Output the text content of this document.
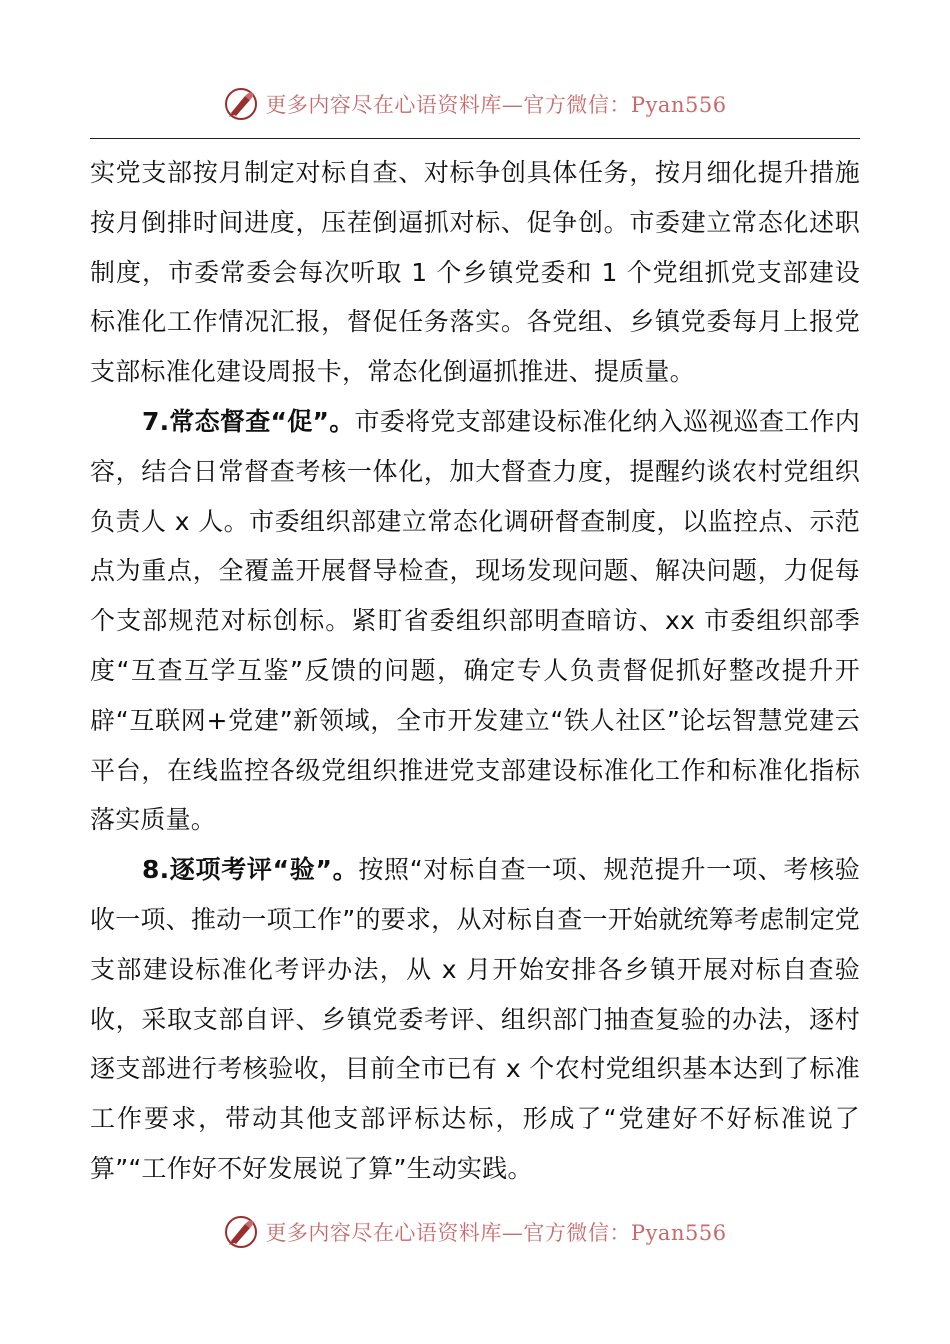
更多内容尽在心语资料库—官方微信：Pyan556

实党支部按月制定对标自查、对标争创具体任务，按月细化提升措施按月倒排时间进度，压茬倒逼抓对标、促争创。市委建立常态化述职制度，市委常委会每次听取 1 个乡镇党委和 1 个党组抓党支部建设标准化工作情况汇报，督促任务落实。各党组、乡镇党委每月上报党支部标准化建设周报卡，常态化倒逼抓推进、提质量。

7.常态督查“促”。市委将党支部建设标准化纳入巡视巡查工作内容，结合日常督查考核一体化，加大督查力度，提醒约谈农村党组织负责人 x 人。市委组织部建立常态化调研督查制度，以监控点、示范点为重点，全覆盖开展督导检查，现场发现问题、解决问题，力促每个支部规范对标创标。紧盯省委组织部明查暗访、xx 市委组织部季度“互查互学互鉴”反馈的问题，确定专人负责督促抓好整改提升开辟“互联网+党建”新领域，全市开发建立“铁人社区”论坛智慧党建云平台，在线监控各级党组织推进党支部建设标准化工作和标准化指标落实质量。

8.逐项考评“验”。按照“对标自查一项、规范提升一项、考核验收一项、推动一项工作”的要求，从对标自查一开始就统筹考虑制定党支部建设标准化考评办法，从 x 月开始安排各乡镇开展对标自查验收，采取支部自评、乡镇党委考评、组织部门抽查复验的办法，逐村逐支部进行考核验收，目前全市已有 x 个农村党组织基本达到了标准工作要求，带动其他支部评标达标，形成了“党建好不好标准说了算”“工作好不好发展说了算”生动实践。

更多内容尽在心语资料库—官方微信：Pyan556
